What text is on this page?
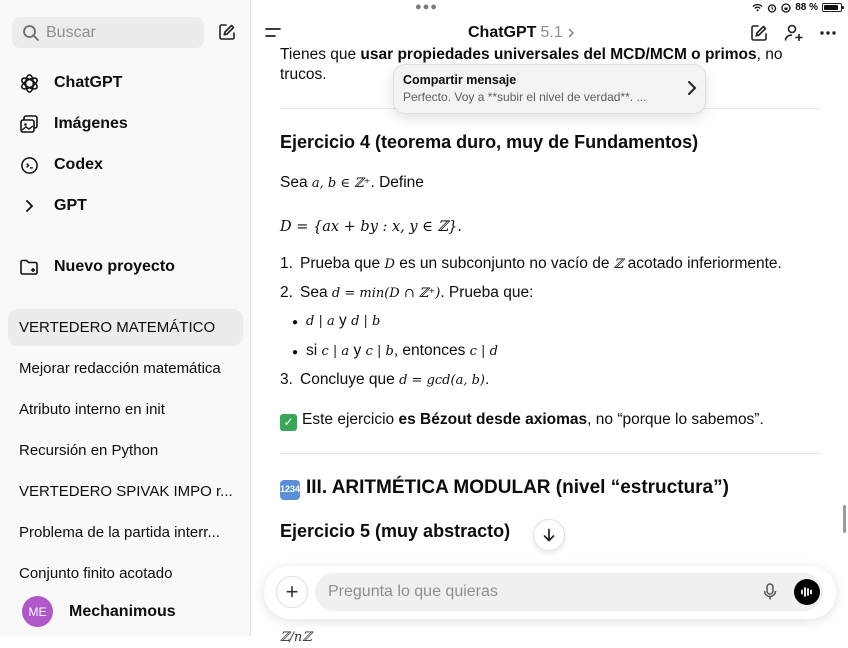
Buscar
ChatGPT
Imágenes
Codex
GPT
Nuevo proyecto
VERTEDERO MATEMÁTICO
Mejorar redacción matemática
Atributo interno en init
Recursión en Python
VERTEDERO SPIVAK IMPO r...
Problema de la partida interr...
Conjunto finito acotado
ME	Mechanimous
●●●	88 %
ChatGPT 5.1
Tienes que usar propiedades universales del MCD/MCM o primos, no
trucos.
Ejercicio 4 (teorema duro, muy de Fundamentos)
Sea a, b ∈ ℤ⁺. Define
D = {ax + by : x, y ∈ ℤ}.
1. Prueba que D es un subconjunto no vacío de ℤ acotado inferiormente.
2. Sea d = min(D ∩ ℤ⁺). Prueba que:
● d | a y d | b
● si c | a y c | b, entonces c | d
3. Concluye que d = gcd(a, b).
✓ Este ejercicio es Bézout desde axiomas, no “porque lo sabemos”.
1234 III. ARITMÉTICA MODULAR (nivel “estructura”)
Ejercicio 5 (muy abstracto)
ℤ/nℤ
Compartir mensaje
Perfecto. Voy a **subir el nivel de verdad**. ...
+ Pregunta lo que quieras
